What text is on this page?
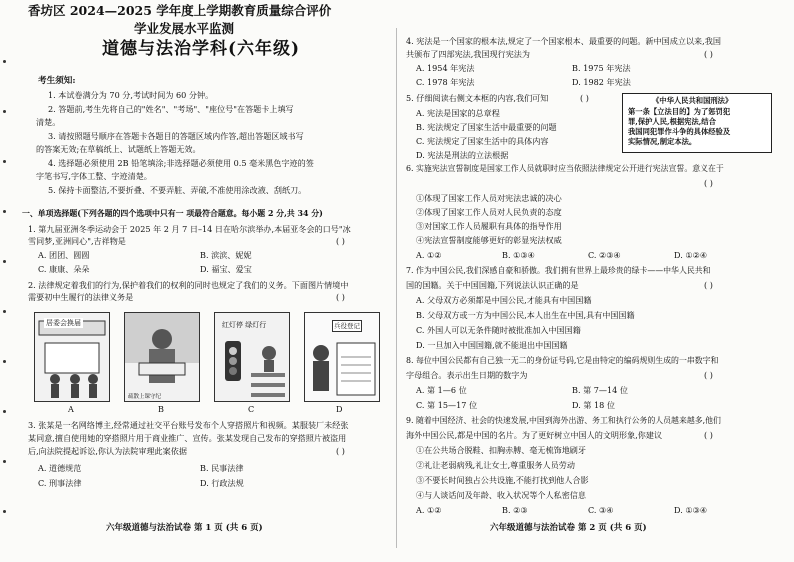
香坊区 2024—2025 学年度上学期教育质量综合评价
学业发展水平监测
道德与法治学科(六年级)
考生须知:
1. 本试卷满分为 70 分,考试时间为 60 分钟。
2. 答题前,考生先将自己的"姓名"、"考场"、"座位号"在答题卡上填写
清楚。
3. 请按照题号顺序在答题卡各题目的答题区域内作答,超出答题区域书写
的答案无效;在草稿纸上、试题纸上答题无效。
4. 选择题必须使用 2B 铅笔填涂;非选择题必须使用 0.5 毫米黑色字迹的签
字笔书写,字体工整、字迹清楚。
5. 保持卡面整洁,不要折叠、不要弄脏、弄破,不准使用涂改液、刮纸刀。
一、单项选择题(下列各题的四个选项中只有一 项最符合题意。每小题 2 分,共 34 分)
1. 第九届亚洲冬季运动会于 2025 年 2 月 7 日–14 日在哈尔滨举办,本届亚冬会的口号"冰
雪同梦,亚洲同心",吉祥物是	( )
A. 团团、圆圆	B. 滨滨、妮妮
C. 康康、朵朵	D. 福宝、爱宝
2. 法律规定着我们的行为,保护着我们的权利的同时也规定了我们的义务。下面图片情境中
需要初中生履行的法律义务是	( )
居委会换届
疏散上课守纪
红灯停 绿灯行	兵役登记
A	B	C	D
3. 张某是一名网络博主,经常通过社交平台账号发布个人穿搭照片和视频。某服装厂未经张
某同意,擅自使用她的穿搭照片用于商业推广、宣传。张某发现自己发布的穿搭照片被盗用
后,向法院提起诉讼,你认为法院审理此案依据	( )
A. 道德规范	B. 民事法律
C. 刑事法律	D. 行政法规
六年级道德与法治试卷 第 1 页 (共 6 页)
4. 宪法是一个国家的根本法,规定了一个国家根本、最重要的问题。新中国成立以来,我国
共颁布了四部宪法,我国现行宪法为	( )
A. 1954 年宪法	B. 1975 年宪法
C. 1978 年宪法	D. 1982 年宪法
5. 仔细阅读右侧文本框的内容,我们可知	( )
A. 宪法是国家的总章程
B. 宪法规定了国家生活中最重要的问题
C. 宪法规定了国家生活中的具体内容
D. 宪法是刑法的立法根据
《中华人民共和国刑法》
第一条【立法目的】为了惩罚犯
罪,保护人民,根据宪法,结合
我国同犯罪作斗争的具体经验及
实际情况,制定本法。
6. 实施宪法宣誓制度是国家工作人员就职时应当依照法律规定公开进行宪法宣誓。意义在于
( )
①体现了国家工作人员对宪法忠诚的决心
②体现了国家工作人员对人民负责的态度
③对国家工作人员履职有具体的指导作用
④宪法宣誓制度能够更好的彰显宪法权威
A. ①②	B. ①③④	C. ②③④	D. ①②④
7. 作为中国公民,我们深感自豪和骄傲。我们拥有世界上最珍贵的绿卡——中华人民共和
国的国籍。关于中国国籍,下列说法认识正确的是	( )
A. 父母双方必须都是中国公民,才能具有中国国籍
B. 父母双方或一方为中国公民,本人出生在中国,具有中国国籍
C. 外国人可以无条件随时被批准加入中国国籍
D. 一旦加入中国国籍,就不能退出中国国籍
8. 每位中国公民都有自己独一无二的身份证号码,它是由特定的编码规则生成的一串数字和
字母组合。表示出生日期的数字为	( )
A. 第 1—6 位	B. 第 7—14 位
C. 第 15—17 位	D. 第 18 位
9. 随着中国经济、社会的快速发展,中国到海外出游、务工和执行公务的人员越来越多,他们
海外中国公民,都是中国的名片。为了更好树立中国人的文明形象,你建议	( )
①在公共场合脱鞋、扣胸赤膊、毫无梳饰地刷牙
②礼让老弱病残,礼让女士,尊重服务人员劳动
③不要长时间独占公共设施,不能打扰到他人合影
④与人谈话问及年龄、收入状况等个人私密信息
A. ①②	B. ②③	C. ③④	D. ①③④
六年级道德与法治试卷 第 2 页 (共 6 页)
